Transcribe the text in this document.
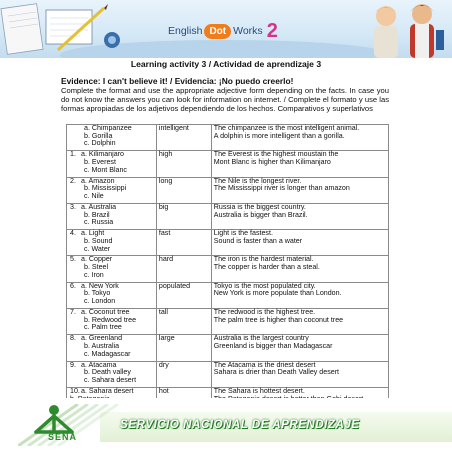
English Dot Works 2
Learning activity 3 / Actividad de aprendizaje 3
Evidence: I can't believe it! / Evidencia: ¡No puedo creerlo!
Complete the format and use the appropriate adjective form depending on the facts. In case you do not know the answers you can look for information on internet. / Complete el formato y use las formas apropiadas de los adjetivos dependiendo de los hechos. Comparativos y superlativos
a. Chimpanzee
b. Gorilla
c. Dolphin	intelligent	The chimpanzee is the most intelligent animal.
A dolphin is more intelligent than a gorilla.

1. a. Kilimanjaro
b. Everest
c. Mont Blanc	high	The Everest is the highest moustain the
Mont Blanc is higher than Kilimanjaro

2. a. Amazon
b. Mississippi
c. Nile	long	The Nile is the longest river.
The Mississippi river is longer than amazon

3. a. Australia
b. Brazil
c. Russia	big	Russia is the biggest country.
Australia is bigger than Brazil.

4. a. Light
b. Sound
c. Water	fast	Light is the fastest.
Sound is faster than a water

5. a. Copper
b. Steel
c. Iron	hard	The iron is the hardest material.
The copper is harder than a steal.

6. a. New York
b. Tokyo
c. London	populated	Tokyo is the most populated city.
New York is more populate than London.

7. a. Coconut tree
b. Redwood tree
c. Palm tree	tall	The redwood is the highest tree.
The palm tree is higher than coconut tree

8. a. Greenland
b. Australia
c. Madagascar	large	Australia is the largest country
Greenland is bigger than Madagascar

9. a. Atacama
b. Death valley
c. Sahara desert	dry	The Atacama is the driest desert
Sahara is drier than Death Valley desert

10.a. Sahara desert	hot	The Sahara is hottest desert.
SENA
SERVICIO NACIONAL DE APRENDIZAJE
